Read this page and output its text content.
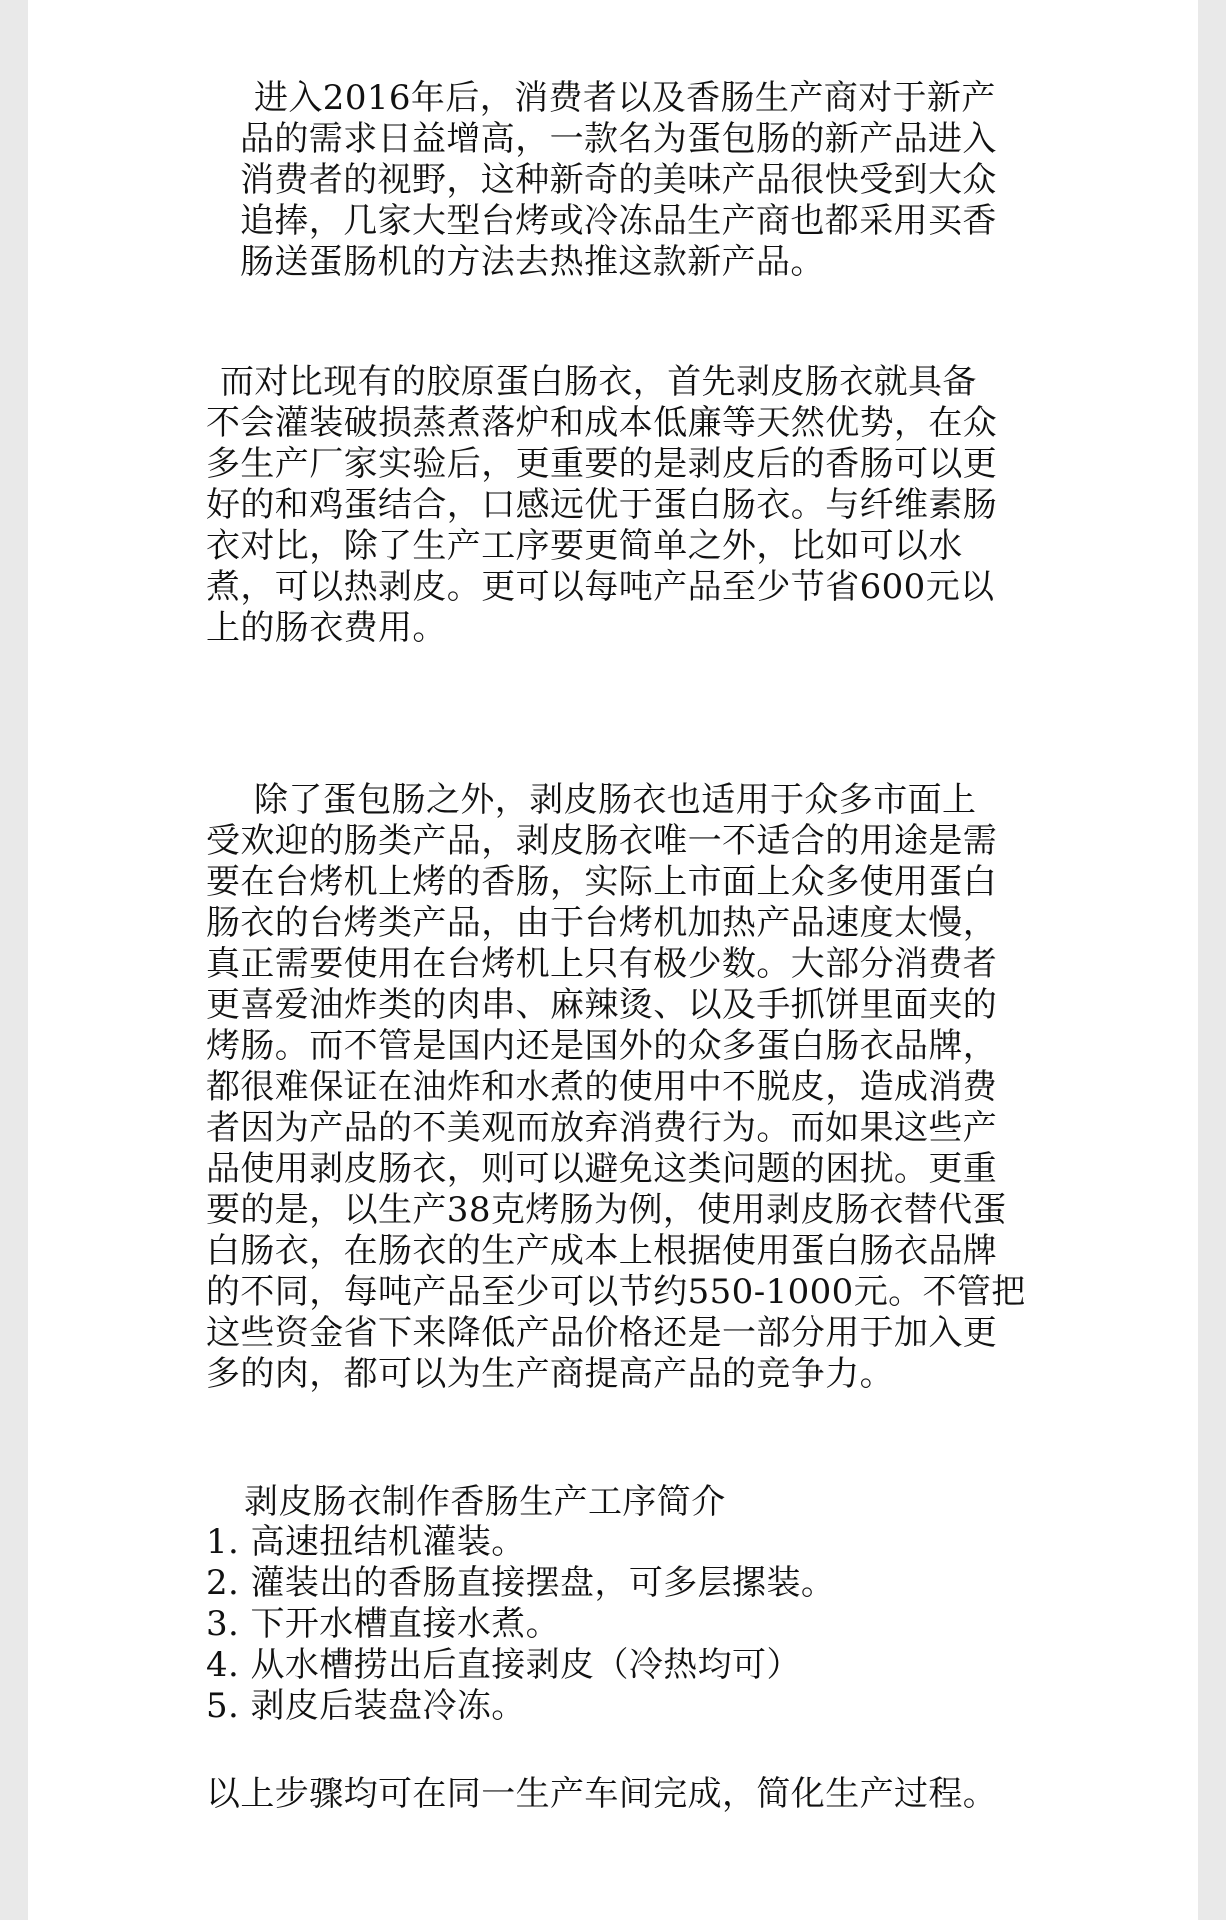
进入2016年后，消费者以及香肠生产商对于新产
品的需求日益增高，一款名为蛋包肠的新产品进入
消费者的视野，这种新奇的美味产品很快受到大众
追捧，几家大型台烤或冷冻品生产商也都采用买香
肠送蛋肠机的方法去热推这款新产品。
而对比现有的胶原蛋白肠衣，首先剥皮肠衣就具备
不会灌装破损蒸煮落炉和成本低廉等天然优势，在众
多生产厂家实验后，更重要的是剥皮后的香肠可以更
好的和鸡蛋结合，口感远优于蛋白肠衣。与纤维素肠
衣对比，除了生产工序要更简单之外，比如可以水
煮，可以热剥皮。更可以每吨产品至少节省600元以
上的肠衣费用。
除了蛋包肠之外，剥皮肠衣也适用于众多市面上
受欢迎的肠类产品，剥皮肠衣唯一不适合的用途是需
要在台烤机上烤的香肠，实际上市面上众多使用蛋白
肠衣的台烤类产品，由于台烤机加热产品速度太慢，
真正需要使用在台烤机上只有极少数。大部分消费者
更喜爱油炸类的肉串、麻辣烫、以及手抓饼里面夹的
烤肠。而不管是国内还是国外的众多蛋白肠衣品牌，
都很难保证在油炸和水煮的使用中不脱皮，造成消费
者因为产品的不美观而放弃消费行为。而如果这些产
品使用剥皮肠衣，则可以避免这类问题的困扰。更重
要的是，以生产38克烤肠为例，使用剥皮肠衣替代蛋
白肠衣，在肠衣的生产成本上根据使用蛋白肠衣品牌
的不同，每吨产品至少可以节约550-1000元。不管把
这些资金省下来降低产品价格还是一部分用于加入更
多的肉，都可以为生产商提高产品的竞争力。
剥皮肠衣制作香肠生产工序简介
1. 高速扭结机灌装。
2. 灌装出的香肠直接摆盘，可多层摞装。
3. 下开水槽直接水煮。
4. 从水槽捞出后直接剥皮（冷热均可）
5. 剥皮后装盘冷冻。
以上步骤均可在同一生产车间完成，简化生产过程。
